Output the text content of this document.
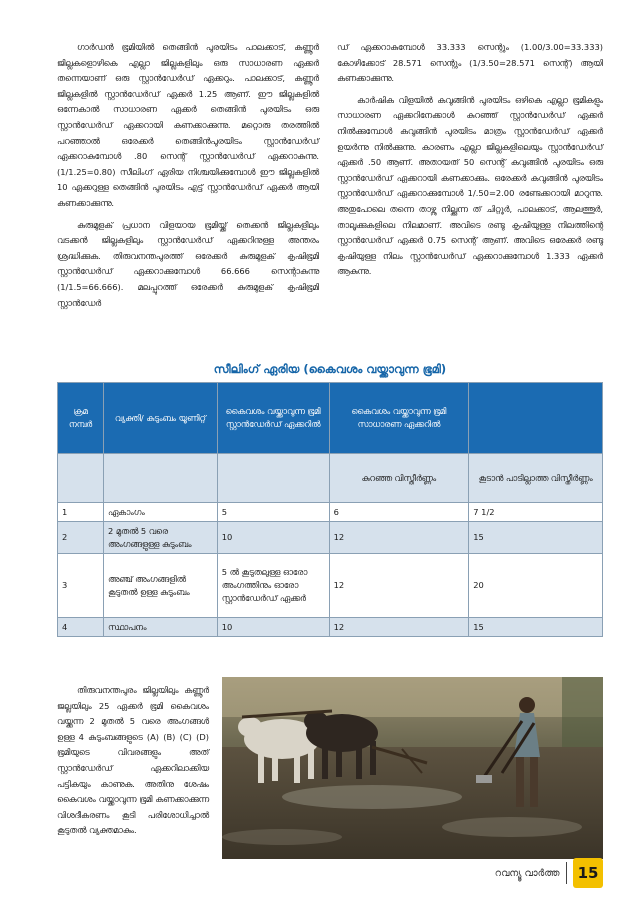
ഗാർഡൻ ഭൂമിയിൽ തെങ്ങിൻ പുരയിടം പാലക്കാട്, കണ്ണൂർ ജില്ലകളൊഴികെ എല്ലാ ജില്ലകളിലും ഒരു സാധാരണ ഏക്കർ തന്നെയാണ് ഒരു സ്റ്റാൻഡേർഡ് ഏക്കറും. പാലക്കാട്, കണ്ണൂർ ജില്ലകളിൽ സ്റ്റാൻഡേർഡ് ഏക്കർ 1.25 ആണ്. ഈ ജില്ലകളിൽ ഒന്നേകാൽ സാധാരണ ഏക്കർ തെങ്ങിൻ പുരയിടം ഒരു സ്റ്റാൻഡേർഡ് ഏക്കറായി കണക്കാക്കുന്നു. മറ്റൊരു തരത്തിൽ പറഞ്ഞാൽ ഒരേക്കർ തെങ്ങിൻപുരയിടം സ്റ്റാൻഡേർഡ് ഏക്കറാകുമ്പോൾ .80 സെന്റ് സ്റ്റാൻഡേർഡ് ഏക്കറാകുന്നു. (1/1.25=0.80) സീലിംഗ് ഏരിയ നിശ്ചയിക്കുമ്പോൾ ഈ ജില്ലകളിൽ 10 ഏക്കറുള്ള തെങ്ങിൻ പുരയിടം എട്ട് സ്റ്റാൻഡേർഡ് ഏക്കർ ആയി കണക്കാക്കുന്നു.

കുരുമുളക് പ്രധാന വിളയായ ഭൂമിയ്ക്ക് തെക്കൻ ജില്ലകളിലും വടക്കൻ ജില്ലകളിലും സ്റ്റാൻഡേർഡ് ഏക്കറിനുള്ള അന്തരം ശ്രദ്ധിക്കുക. തിരുവനന്തപുരത്ത് ഒരേക്കർ കുരുമുളക് കൃഷിഭൂമി സ്റ്റാൻഡേർഡ് ഏക്കറാക്കുമ്പോൾ 66.666 സെന്റാകുന്നു (1/1.5=66.666). മലപ്പുറത്ത് ഒരേക്കർ കുരുമുളക് കൃഷിഭൂമി സ്റ്റാൻഡേർ

ഡ് ഏക്കറാകുമ്പോൾ 33.333 സെന്റും (1.00/3.00=33.333) കോഴിക്കോട് 28.571 സെന്റും (1/3.50=28.571 സെന്റ്) ആയി കണക്കാക്കുന്നു.

കാർഷിക വിളയിൽ കവുങ്ങിൻ പുരയിടം ഒഴികെ എല്ലാ ഭൂമികളും സാധാരണ ഏക്കറിനേക്കാൾ കുറഞ്ഞ് സ്റ്റാൻഡേർഡ് ഏക്കർ നിൽക്കുമ്പോൾ കവുങ്ങിൻ പുരയിടം മാത്രം സ്റ്റാൻഡേർഡ് ഏക്കർ ഉയർന്നു നിൽക്കുന്നു. കാരണം എല്ലാ ജില്ലകളിലെയും സ്റ്റാൻഡേർഡ് ഏക്കർ .50 ആണ്. അതായത് 50 സെന്റ് കവുങ്ങിൻ പുരയിടം ഒരു സ്റ്റാൻഡേർഡ് ഏക്കറായി കണക്കാക്കും. ഒരേക്കർ കവുങ്ങിൻ പുരയിടം സ്റ്റാൻഡേർഡ് ഏക്കറാക്കുമ്പോൾ 1/.50=2.00 രണ്ടേക്കറായി മാറുന്നു. അതുപോലെ തന്നെ താഴ്ന്നു നില്ക്കുന്ന ത് ചിറ്റൂർ, പാലക്കാട്, ആലത്തൂർ, താലൂക്കുകളിലെ നിലമാണ്. അവിടെ രണ്ടു കൃഷിയുള്ള നിലത്തിന്റെ സ്റ്റാൻഡേർഡ് ഏക്കർ 0.75 സെന്റ് ആണ്. അവിടെ ഒരേക്കർ രണ്ടു കൃഷിയുള്ള നിലം സ്റ്റാൻഡേർഡ് ഏക്കറാക്കുമ്പോൾ 1.333 ഏക്കർ ആകുന്നു.

സീലിംഗ് ഏരിയ (കൈവശം വയ്ക്കാവുന്ന ഭൂമി)
ക്രമ നമ്പർ	വ്യക്തി/ കുടുംബം യൂണിറ്റ്	കൈവശം വയ്ക്കാവുന്ന ഭൂമി സ്റ്റാൻഡേർഡ് ഏക്കറിൽ	കൈവശം വയ്ക്കാവുന്ന ഭൂമി സാധാരണ ഏക്കറിൽ	
			കുറഞ്ഞ വിസ്തീർണ്ണം	കൂടാൻ പാടില്ലാത്ത വിസ്തീർണ്ണം
1	ഏകാംഗം	5	6	7 1/2
2	2 മുതൽ 5 വരെ അംഗങ്ങളുള്ള കുടുംബം	10	12	15
3	അഞ്ച് അംഗങ്ങളിൽ കൂടുതൽ ഉള്ള കുടുംബം	5 ൽ കൂടുതലുള്ള ഓരോ അംഗത്തിനും ഓരോ സ്റ്റാൻഡേർഡ് ഏക്കർ	12	20
4	സ്ഥാപനം	10	12	15

തിരുവനന്തപുരം ജില്ലയിലും കണ്ണൂർ ജല്ലയിലും 25 ഏക്കർ ഭൂമി കൈവശം വയ്ക്കുന്ന 2 മുതൽ 5 വരെ അംഗങ്ങൾ ഉള്ള 4 കുടുംബങ്ങളുടെ (A) (B) (C) (D) ഭൂമിയുടെ വിവരങ്ങളും അത് സ്റ്റാൻഡേർഡ് ഏക്കറിലാക്കിയ പട്ടികയും കാണുക. അതിനു ശേഷം കൈവശം വയ്ക്കാവുന്ന ഭൂമി കണക്കാക്കുന്ന വിശദീകരണം കൂടി പരിശോധിച്ചാൽ കൂടുതൽ വ്യക്തമാകും.

റവന്യൂ വാർത്ത	15
